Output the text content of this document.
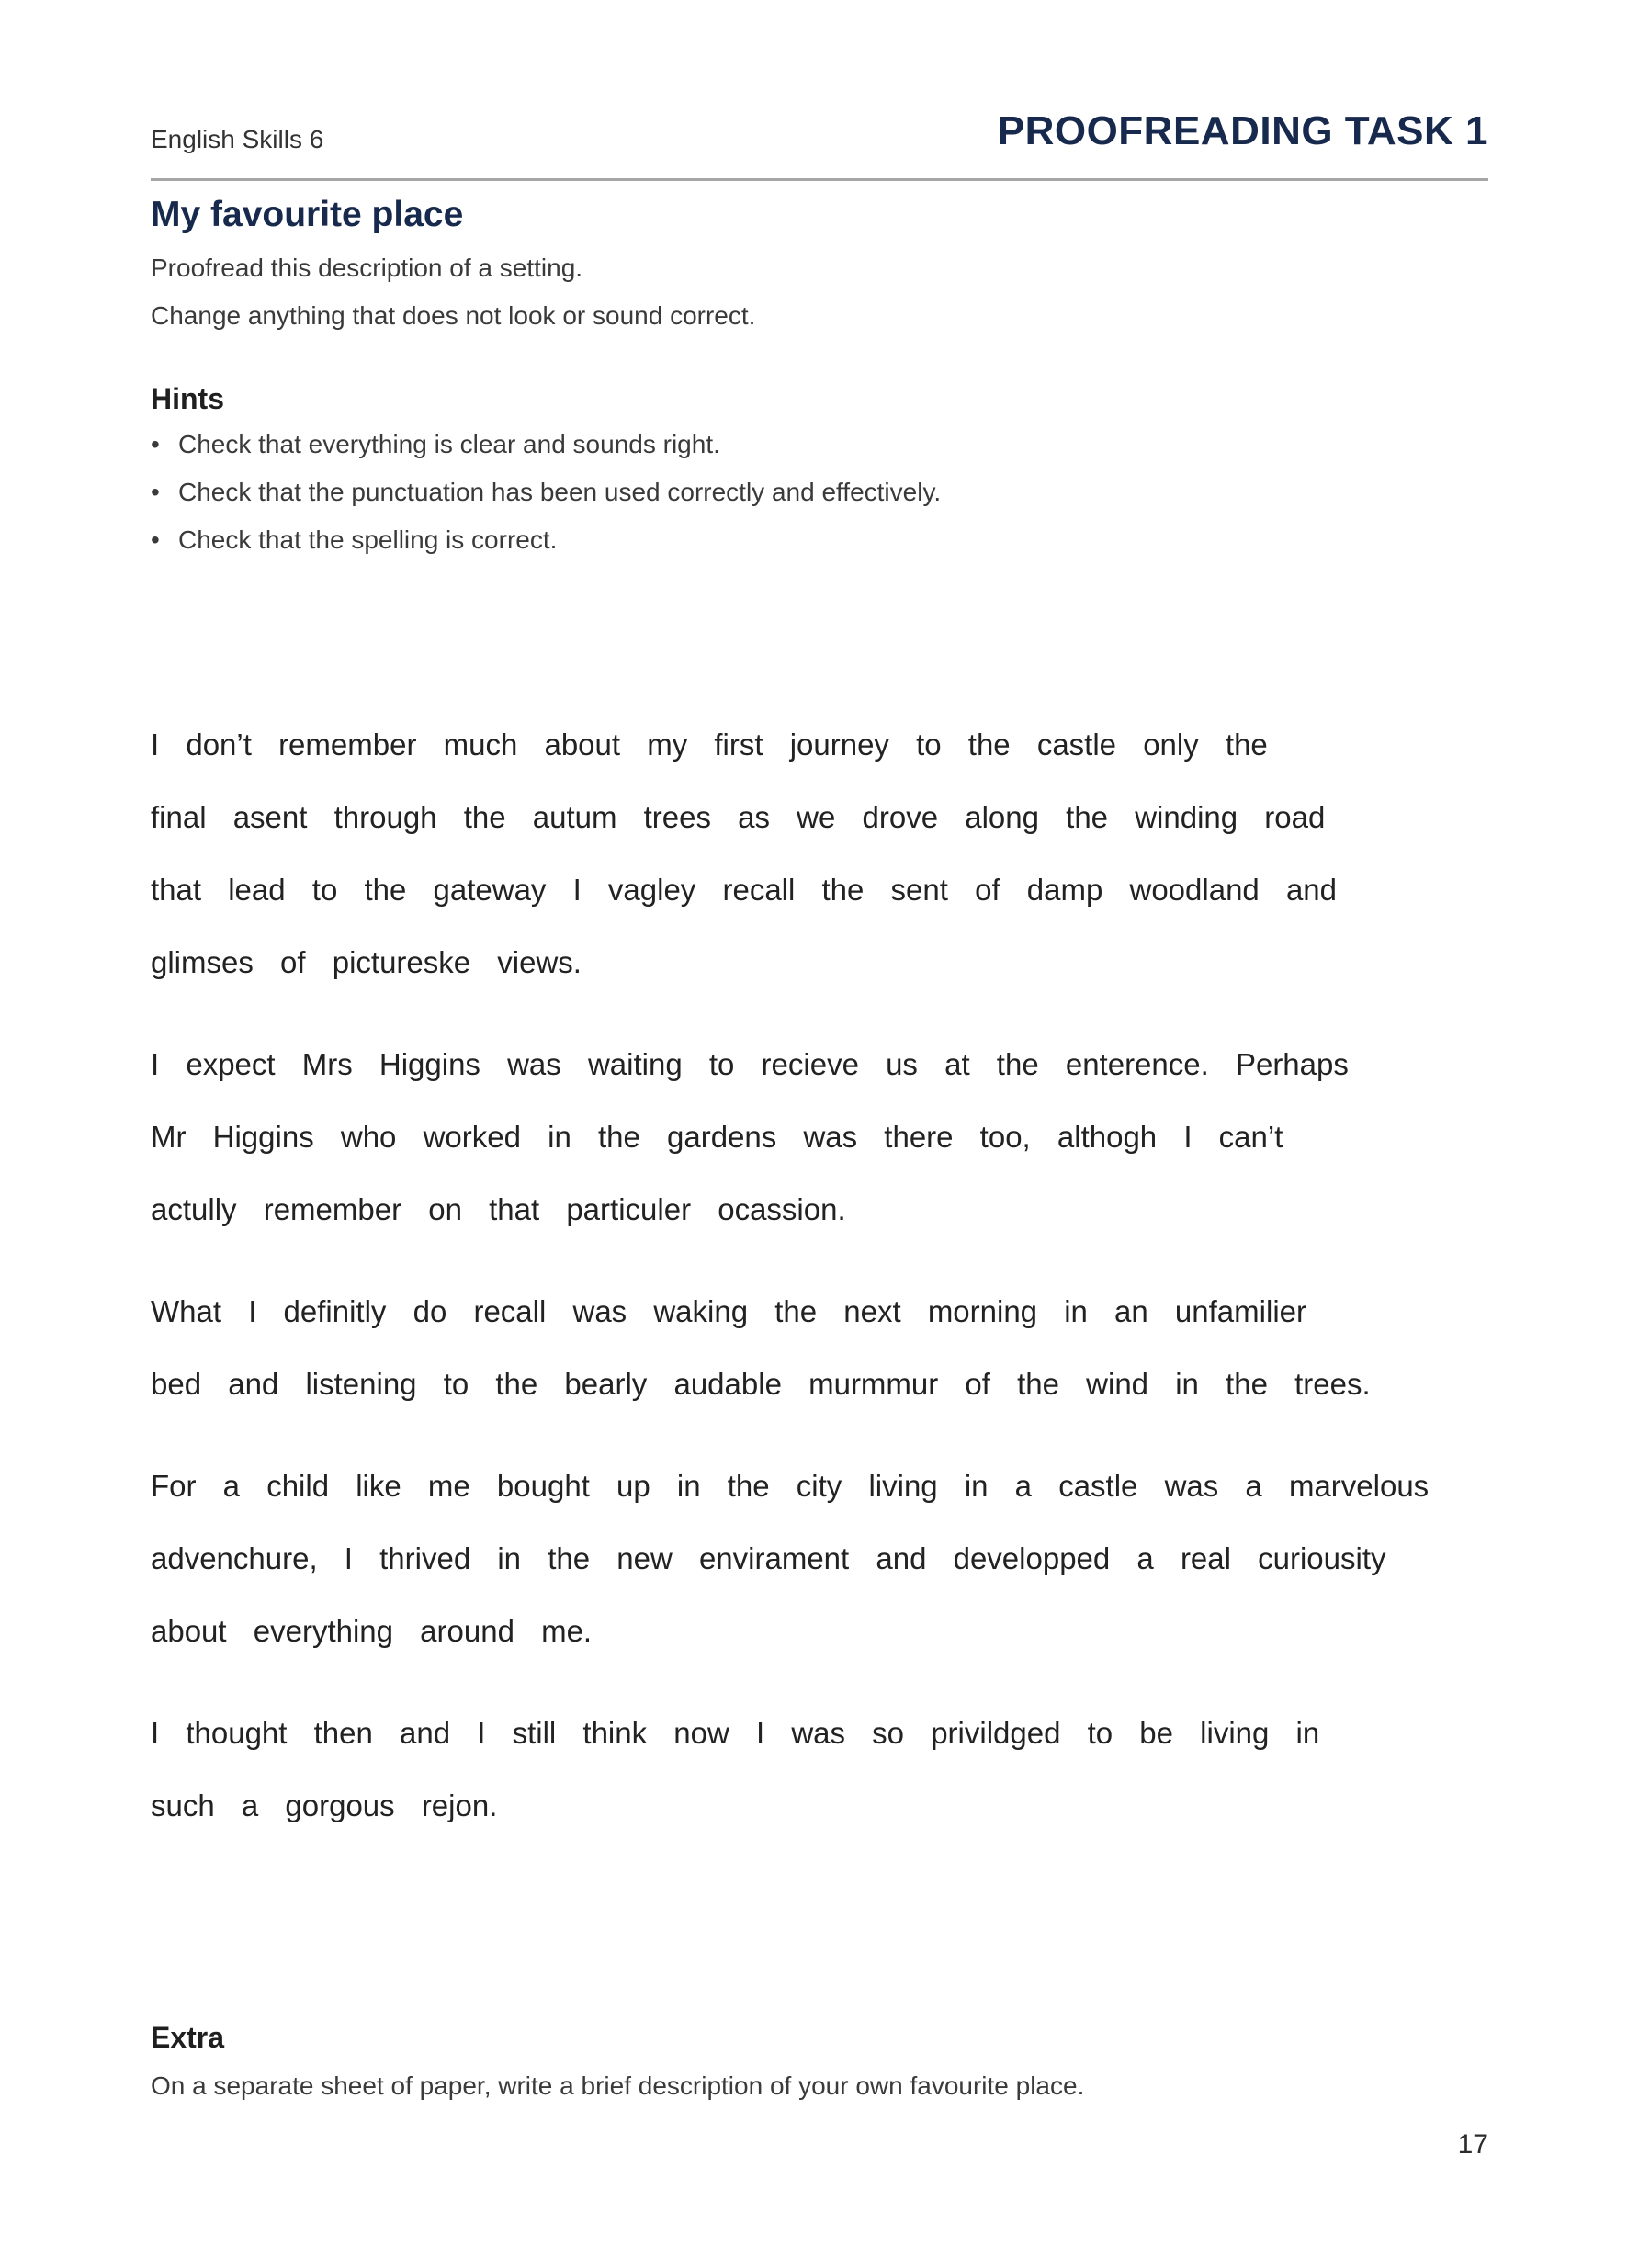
English Skills 6	PROOFREADING TASK 1
My favourite place
Proofread this description of a setting.
Change anything that does not look or sound correct.
Hints
• Check that everything is clear and sounds right.
• Check that the punctuation has been used correctly and effectively.
• Check that the spelling is correct.
I don’t remember much about my first journey to the castle only the
final asent through the autum trees as we drove along the winding road
that lead to the gateway I vagley recall the sent of damp woodland and
glimses of pictureske views.
I expect Mrs Higgins was waiting to recieve us at the enterence. Perhaps
Mr Higgins who worked in the gardens was there too, althogh I can’t
actully remember on that particuler ocassion.
What I definitly do recall was waking the next morning in an unfamilier
bed and listening to the bearly audable murmmur of the wind in the trees.
For a child like me bought up in the city living in a castle was a marvelous
advenchure, I thrived in the new envirament and developped a real curiousity
about everything around me.
I thought then and I still think now I was so privildged to be living in
such a gorgous rejon.
Extra
On a separate sheet of paper, write a brief description of your own favourite place.
17
